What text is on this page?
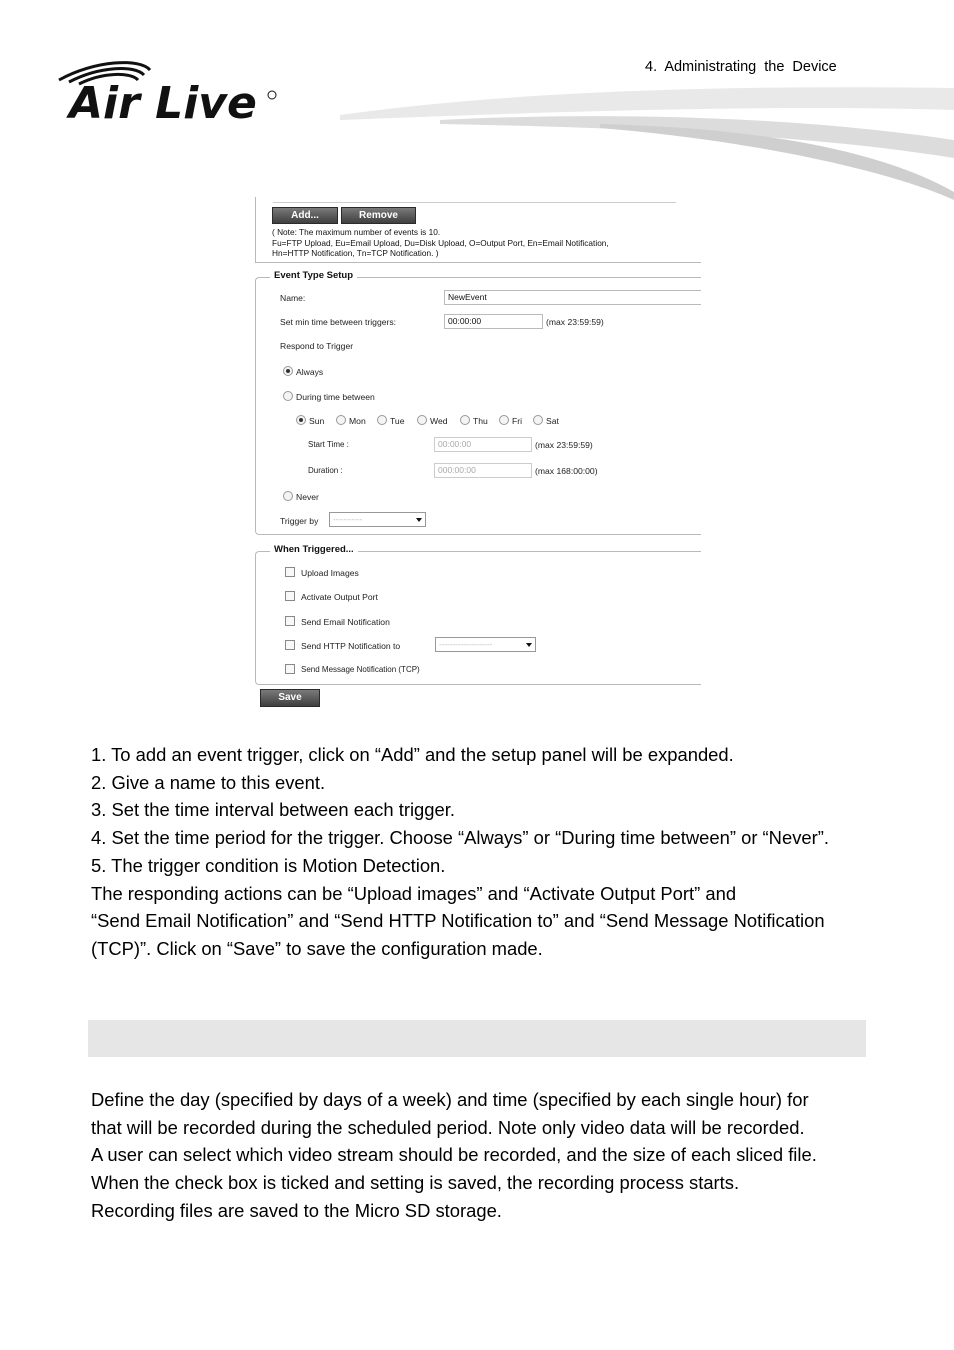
Air Live
4. Administrating the Device
Add...	Remove
( Note: The maximum number of events is 10.
Fu=FTP Upload, Eu=Email Upload, Du=Disk Upload, O=Output Port, En=Email Notification,
Hn=HTTP Notification, Tn=TCP Notification. )
Event Type Setup
Name:	NewEvent
Set min time between triggers:	00:00:00	(max 23:59:59)
Respond to Trigger
Always
During time between
Sun	Mon	Tue	Wed	Thu	Fri	Sat
Start Time :	00:00:00	(max 23:59:59)
Duration :	000:00:00	(max 168:00:00)
Never
Trigger by	-----------
When Triggered...
Upload Images
Activate Output Port
Send Email Notification
Send HTTP Notification to	--------------------
Send Message Notification (TCP)
Save
1. To add an event trigger, click on “Add” and the setup panel will be expanded.
2. Give a name to this event.
3. Set the time interval between each trigger.
4. Set the time period for the trigger. Choose “Always” or “During time between” or “Never”.
5. The trigger condition is Motion Detection.
The responding actions can be “Upload images” and “Activate Output Port” and
“Send Email Notification” and “Send HTTP Notification to” and “Send Message Notification
(TCP)”. Click on “Save” to save the configuration made.
Define the day (specified by days of a week) and time (specified by each single hour) for
that will be recorded during the scheduled period. Note only video data will be recorded.
A user can select which video stream should be recorded, and the size of each sliced file.
When the check box is ticked and setting is saved, the recording process starts.
Recording files are saved to the Micro SD storage.
